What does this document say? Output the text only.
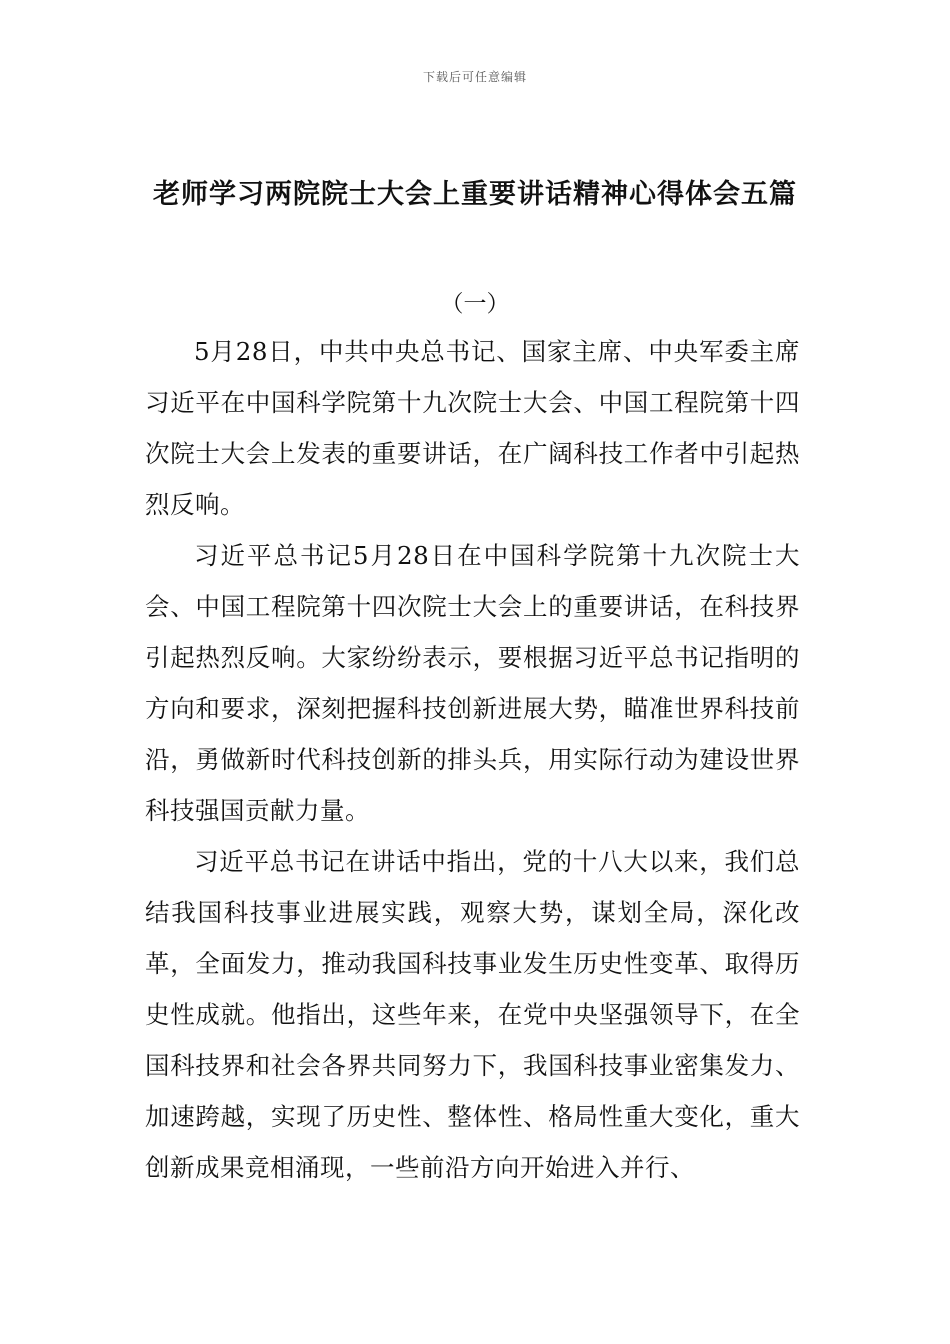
下载后可任意编辑
老师学习两院院士大会上重要讲话精神心得体会五篇
（一）

5月28日，中共中央总书记、国家主席、中央军委主席习近平在中国科学院第十九次院士大会、中国工程院第十四次院士大会上发表的重要讲话，在广阔科技工作者中引起热烈反响。

习近平总书记5月28日在中国科学院第十九次院士大会、中国工程院第十四次院士大会上的重要讲话，在科技界引起热烈反响。大家纷纷表示，要根据习近平总书记指明的方向和要求，深刻把握科技创新进展大势，瞄准世界科技前沿，勇做新时代科技创新的排头兵，用实际行动为建设世界科技强国贡献力量。

习近平总书记在讲话中指出，党的十八大以来，我们总结我国科技事业进展实践，观察大势，谋划全局，深化改革，全面发力，推动我国科技事业发生历史性变革、取得历史性成就。他指出，这些年来，在党中央坚强领导下，在全国科技界和社会各界共同努力下，我国科技事业密集发力、加速跨越，实现了历史性、整体性、格局性重大变化，重大创新成果竞相涌现，一些前沿方向开始进入并行、
